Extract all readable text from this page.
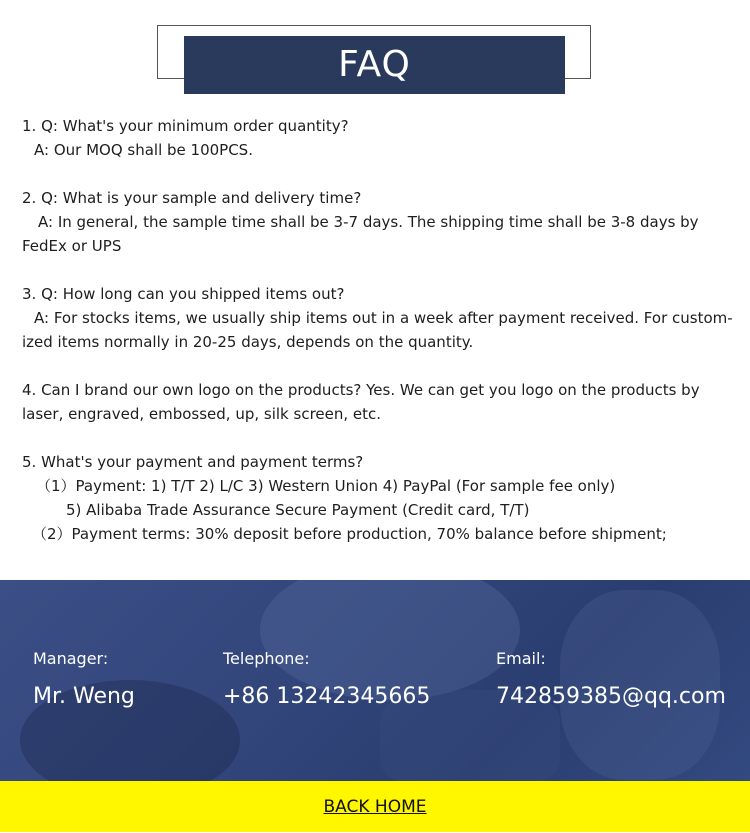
FAQ

1. Q: What's your minimum order quantity?

A: Our MOQ shall be 100PCS.

2. Q: What is your sample and delivery time?

A: In general, the sample time shall be 3-7 days. The shipping time shall be 3-8 days by FedEx or UPS

3. Q: How long can you shipped items out?

A: For stocks items, we usually ship items out in a week after payment received. For custom-ized items normally in 20-25 days, depends on the quantity.

4. Can I brand our own logo on the products? Yes. We can get you logo on the products by laser, engraved, embossed, up, silk screen, etc.

5. What's your payment and payment terms?

（1）Payment: 1) T/T 2) L/C 3) Western Union 4) PayPal (For sample fee only)

5) Alibaba Trade Assurance Secure Payment (Credit card, T/T)

（2）Payment terms: 30% deposit before production, 70% balance before shipment;

Manager:
Mr. Weng
Telephone:
+86 13242345665
Email:
742859385@qq.com
BACK HOME
